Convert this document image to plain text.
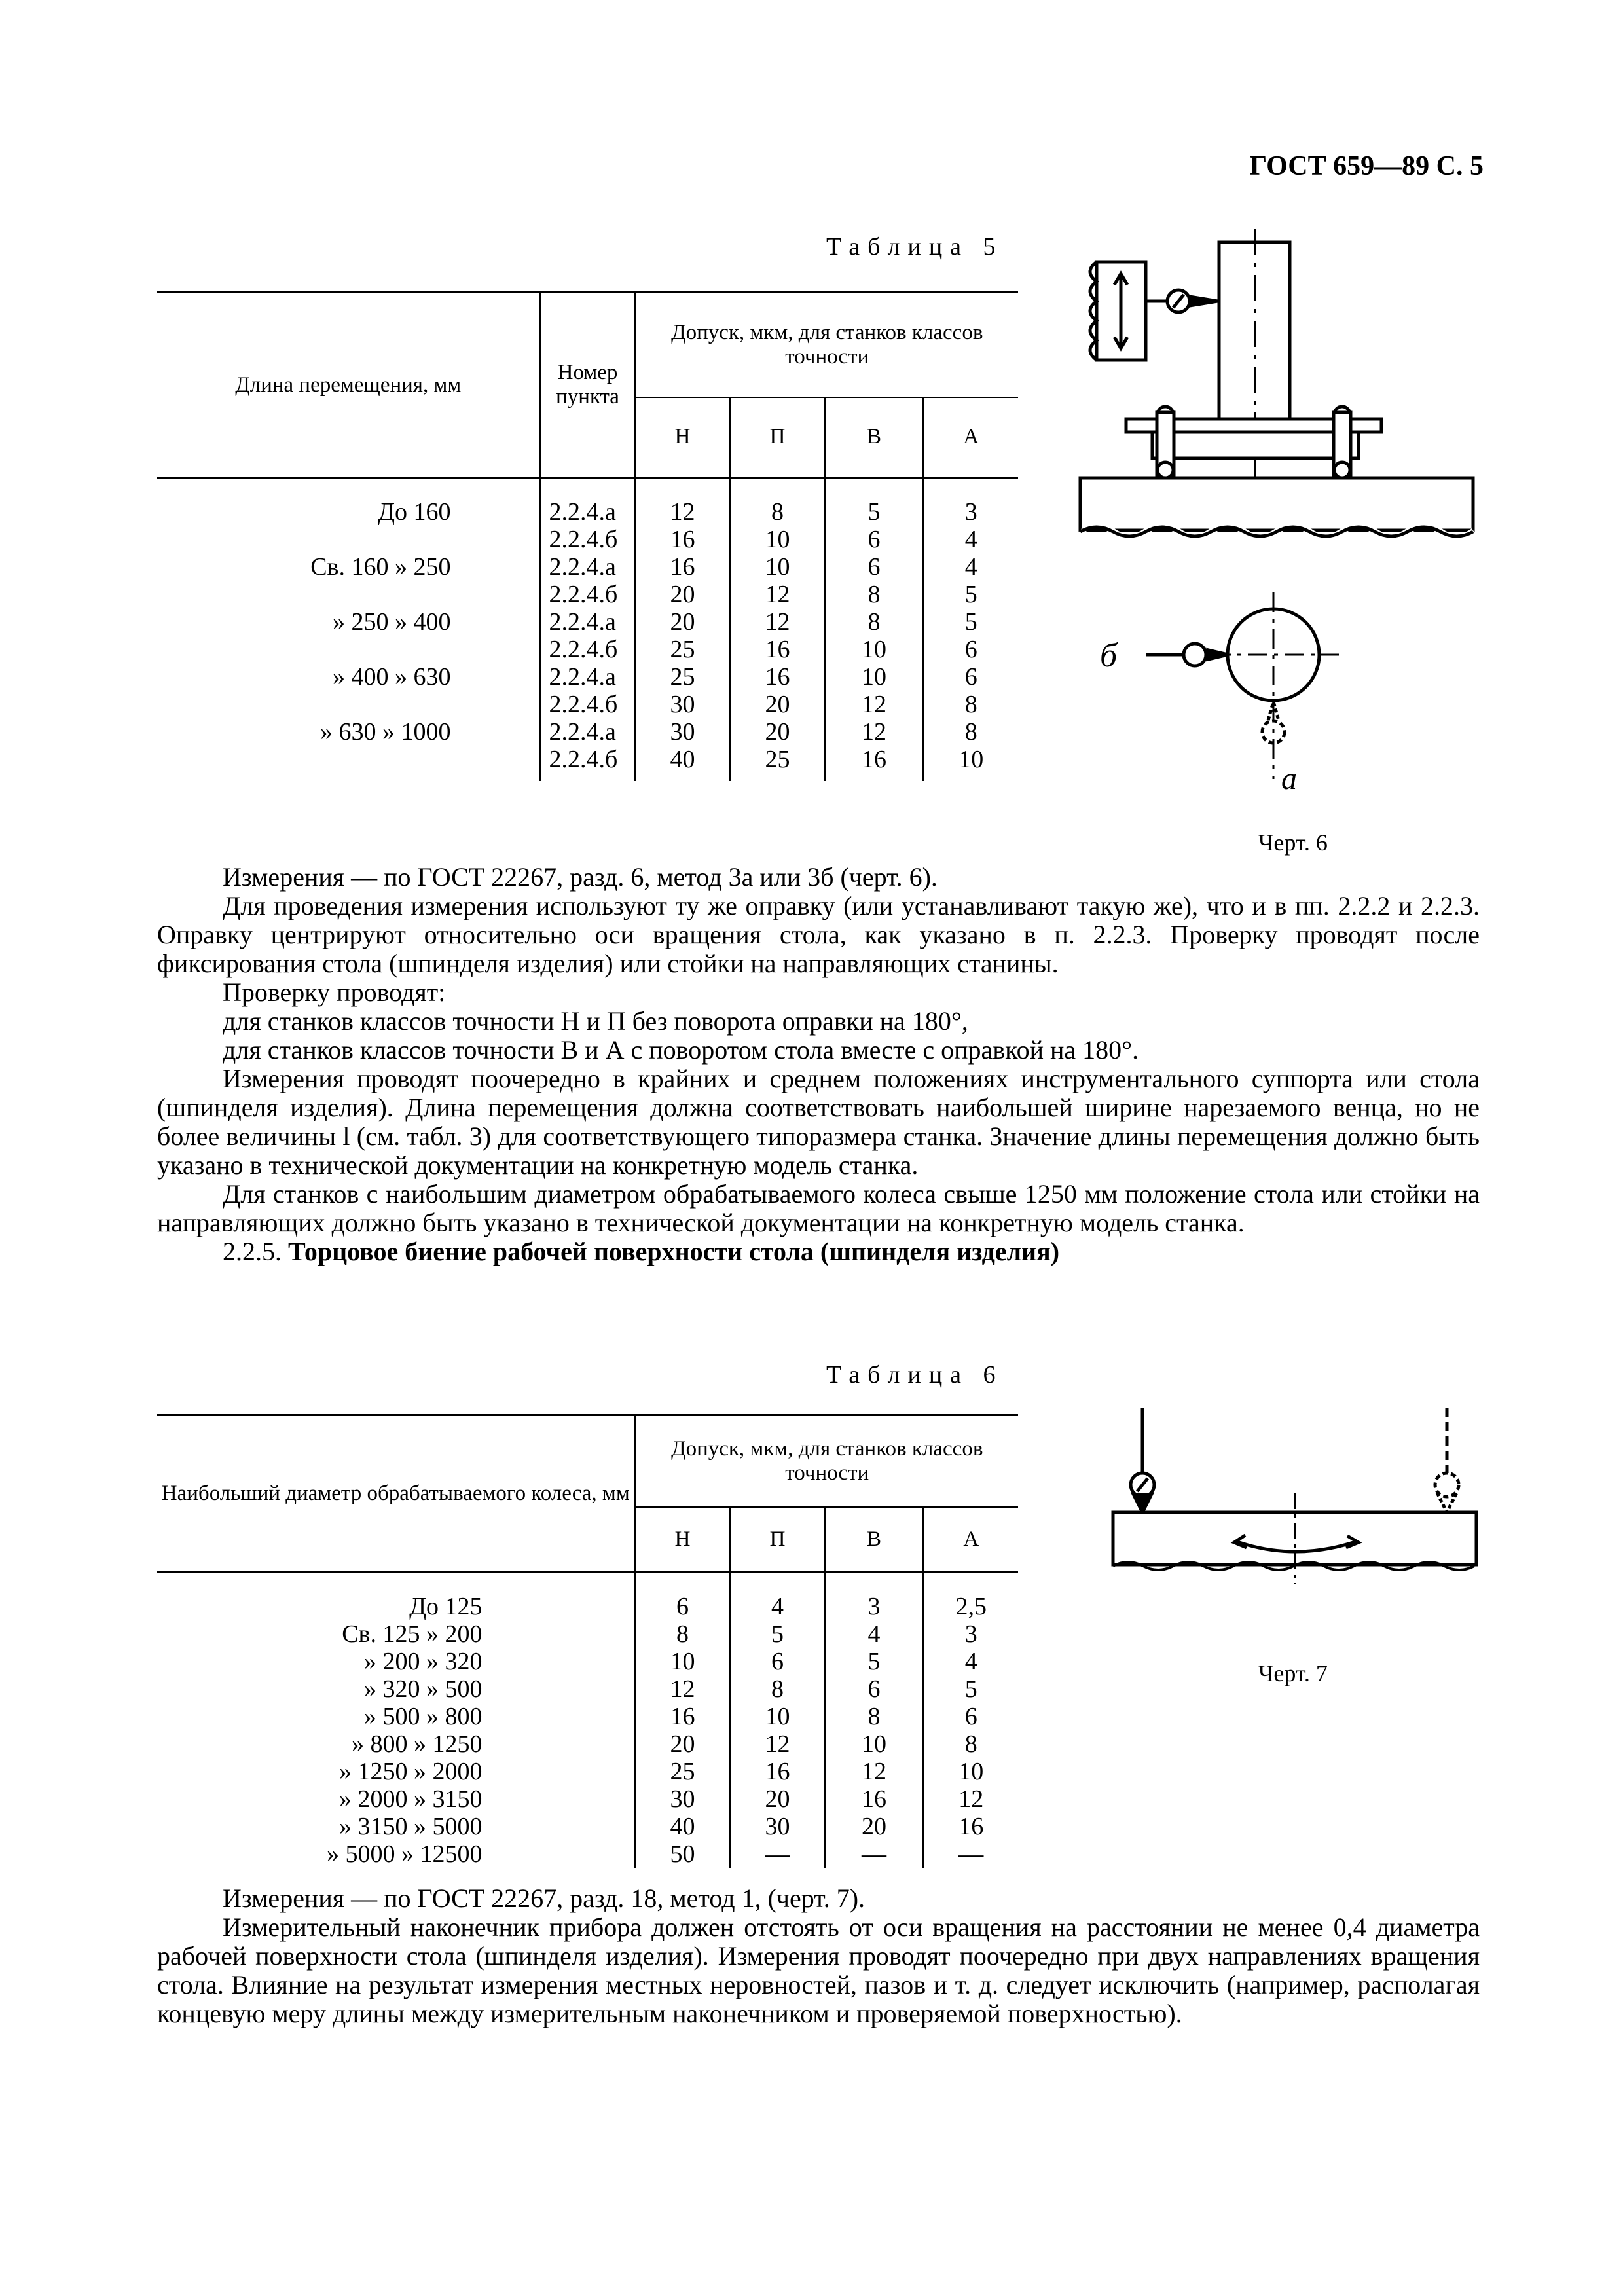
ГОСТ 659—89 С. 5
Таблица 5
Длина перемещения, мм	Номер пункта	Допуск, мкм, для станков классов точности			
		Н	П	В	А
До 160	2.2.4.а	12	8	5	3
	2.2.4.б	16	10	6	4
Св. 160 » 250	2.2.4.а	16	10	6	4
	2.2.4.б	20	12	8	5
» 250 » 400	2.2.4.а	20	12	8	5
	2.2.4.б	25	16	10	6
» 400 » 630	2.2.4.а	25	16	10	6
	2.2.4.б	30	20	12	8
» 630 » 1000	2.2.4.а	30	20	12	8
	2.2.4.б	40	25	16	10
б
а
Черт. 6
Измерения — по ГОСТ 22267, разд. 6, метод 3а или 3б (черт. 6).
Для проведения измерения используют ту же оправку (или устанавливают такую же), что и в пп. 2.2.2 и 2.2.3. Оправку центрируют относительно оси вращения стола, как указано в п. 2.2.3. Проверку проводят после фиксирования стола (шпинделя изделия) или стойки на направляющих станины.
Проверку проводят:
для станков классов точности Н и П без поворота оправки на 180°,
для станков классов точности В и А с поворотом стола вместе с оправкой на 180°.
Измерения проводят поочередно в крайних и среднем положениях инструментального суппорта или стола (шпинделя изделия). Длина перемещения должна соответствовать наибольшей ширине нарезаемого венца, но не более величины l (см. табл. 3) для соответствующего типоразмера станка. Значение длины перемещения должно быть указано в технической документации на конкретную модель станка.
Для станков с наибольшим диаметром обрабатываемого колеса свыше 1250 мм положение стола или стойки на направляющих должно быть указано в технической документации на конкретную модель станка.
2.2.5. Торцовое биение рабочей поверхности стола (шпинделя изделия)
Таблица 6
Наибольший диаметр обрабатываемого колеса, мм	Допуск, мкм, для станков классов точности			
	Н	П	В	А
До 125	6	4	3	2,5
Св. 125 » 200	8	5	4	3
» 200 » 320	10	6	5	4
» 320 » 500	12	8	6	5
» 500 » 800	16	10	8	6
» 800 » 1250	20	12	10	8
» 1250 » 2000	25	16	12	10
» 2000 » 3150	30	20	16	12
» 3150 » 5000	40	30	20	16
» 5000 » 12500	50	—	—	—
Черт. 7
Измерения — по ГОСТ 22267, разд. 18, метод 1, (черт. 7).
Измерительный наконечник прибора должен отстоять от оси вращения на расстоянии не менее 0,4 диаметра рабочей поверхности стола (шпинделя изделия). Измерения проводят поочередно при двух направлениях вращения стола. Влияние на результат измерения местных неровностей, пазов и т. д. следует исключить (например, располагая концевую меру длины между измерительным наконечником и проверяемой поверхностью).
